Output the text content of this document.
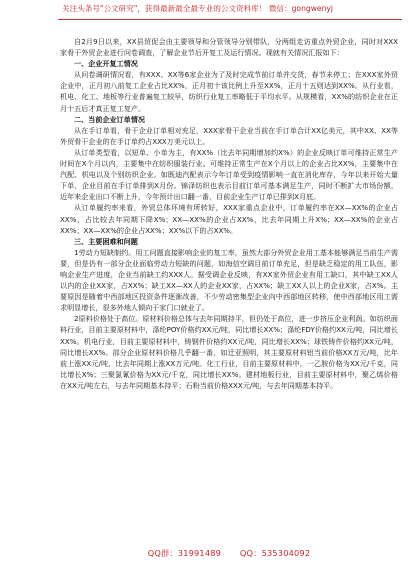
关注头条号"公文研究"，获得最新最全最专业的公文资料库！ 微信：gongwenyj

自2月9日以来，XX县贸促会由主要领导和分管领导分别带队，分两组走访重点外贸企业，同时对XXX家骨干外贸企业进行问卷调查，了解企业节后开复工及运行情况。现就有关情况汇报如下：

一、企业开复工情况

从问卷调研情况看，有XXX、XX等6家企业为了及时完成节前订单并交货，春节未停工；在XXX家外贸企业中，正月初八前复工企业占比XX%，正月初十该比例上升至XX%，正月十五则达到XX%。从行业看，机电、化工、地板等行业普遍复工较早，纺织行业复工率略低于平均水平。从规模看，XX%的纺织企业在正月十五后才真正复工复产。

二、当前企业订单情况

从在手订单看，骨干企业订单相对充足，XXX家骨干企业当前在手订单合计XX亿美元，其中XX、XX等外贸骨干企业的在手订单约占XXX万美元以上。

从订单类型看，以短单、小单为主，有XX%（比去年同期增加约X%）的企业反映订单可维持正常生产时间在X个月以内，主要集中在纺织服装行业。可维持正常生产在X个月以上的企业占比XX%，主要集中在汽配、机电以及个别纺织企业。如既迪汽配表示今年订单受到疫情影响一直在消化库存，今年以来开始大量下单，企业目前在手订单排到X月份。锦泽纺织也表示目前订单可基本满足生产，同时不断扩大市场份额，近年来企业出口不断上升，今年预计出口翻一番，目前企业生产订单已排到X月底。

从订单履约率来看，外贸总体环境有所转好，XXX家重点企业中，订单履约率在XX—XX%的企业占XX%，占比较去年同期下降X%；XX—XX%的企业占XX%，比去年同期上升X%；XX—XX%的企业占XX%；XX—XX%的企业占XX%；XX%以下的占XX%。

三、主要困难和问题

1劳动力短缺制约。用工问题直接影响企业的复工率，虽然大部分外贸企业用工基本能够满足当前生产需要，但是仍有一部分企业面临劳动力短缺的问题，如海信空调目前订单充足，但是缺乏稳定的用工队伍，影响企业生产进度，企业当前缺工约XXX人。据受调企业反映，有XX家外贸企业有用工缺口，其中缺工XX人以内的企业XX家，占XX%；缺工XX—XX人的企业XX家，占XX%；缺工XX人以上的企业X家，占X%。主要原因是随着中西部地区投资条件逐渐改善，不少劳动密集型企业向中西部地区转移，使中西部地区用工需求明显增长，很多外地人倾向于家门口就业了。

2原料价格处于高位。原材料价格总体与去年同期持平，但仍处于高位，进一步挤压企业利润。如纺织面料行业，目前主要原材料中，涤纶POY价格约XX元/吨，同比增长XX%；涤纶FDY价格约XX元/吨，同比增长XX%。机电行业，目前主要原材料中，铸钢件价格约XX元/吨，同比增长XX%；球铁铸件价格约XX元/吨，同比增长XX%。部分企业原材料价格几乎翻一番，如迁亚照明，其主要原材料铝当前价格XX万元/吨，比年前上涨XX元/吨，比去年同期上涨XX万元/吨。化工行业，目前主要原材料中，一乙胺价格为XX元/千克，同比增长X%；三聚氯氰价格为XX元/千克，同比增长XX%。建材地板行业，目前主要原材料中，聚乙烯价格在XX元/吨左右，与去年同期基本持平；石粉当前价格XXX元/吨，与去年同期基本持平。

QQ群：31991489 QQ：535304092
